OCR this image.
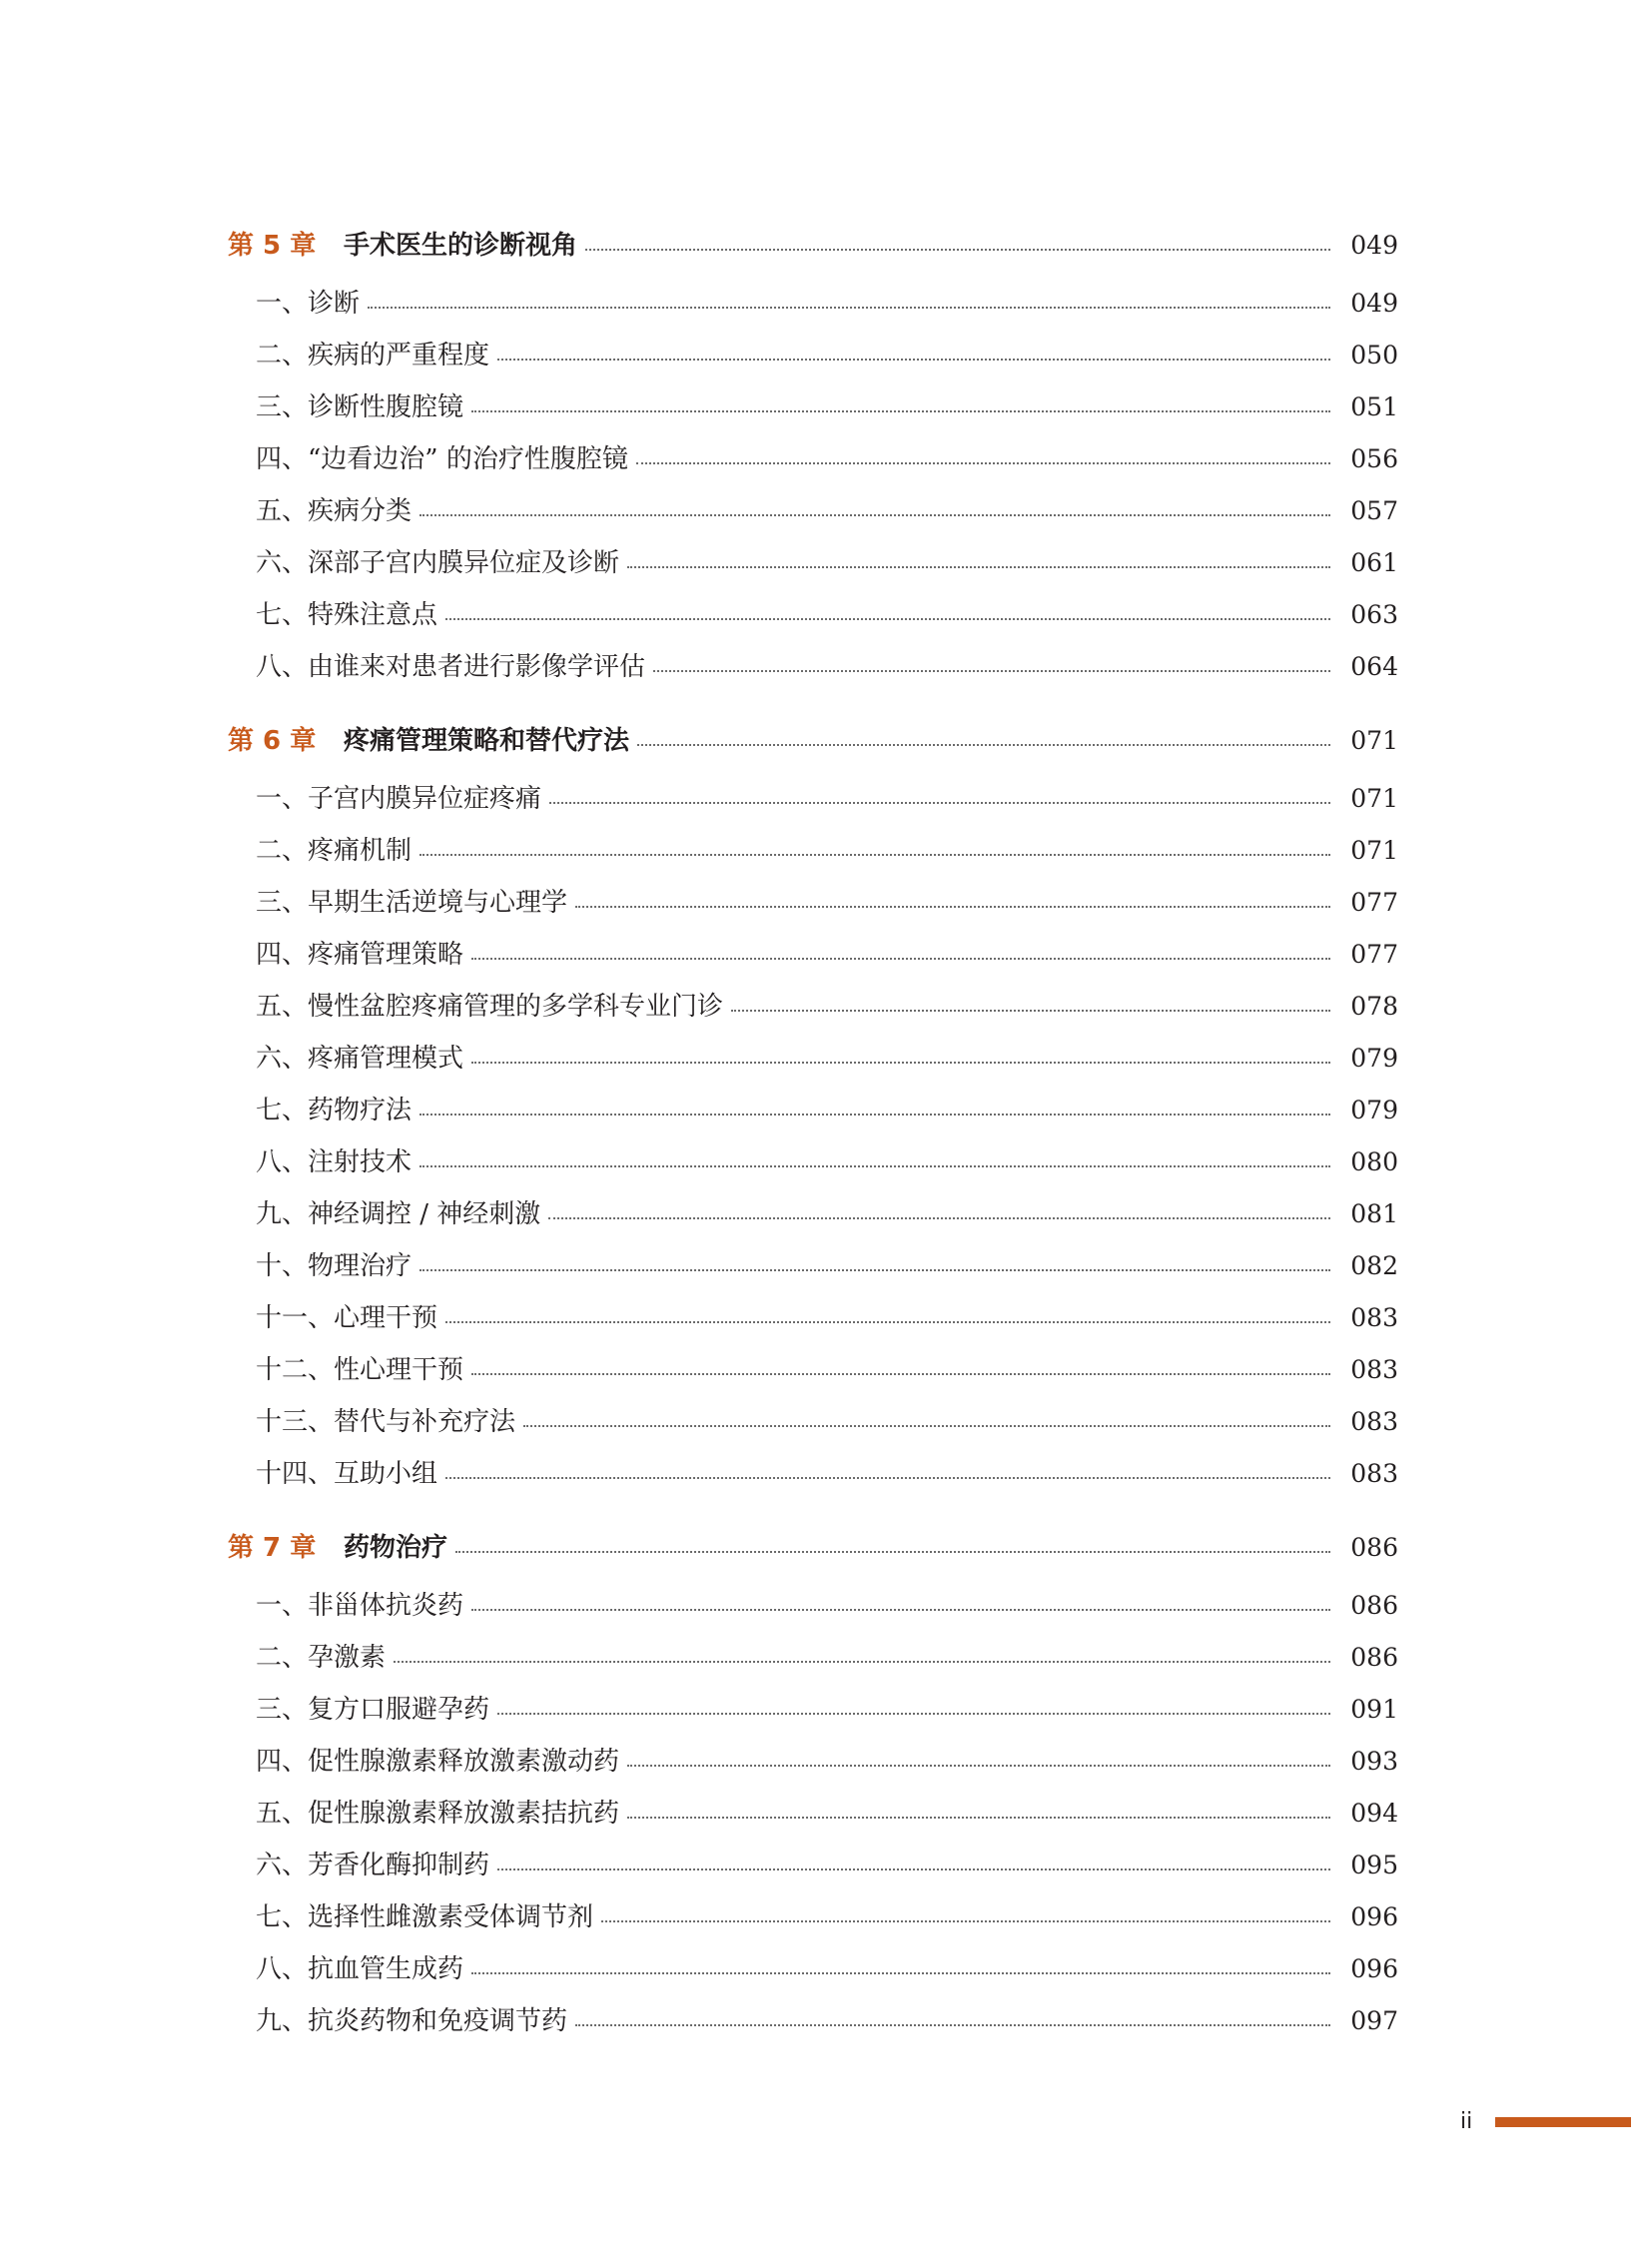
第 5 章	手术医生的诊断视角	049
一、诊断	049
二、疾病的严重程度	050
三、诊断性腹腔镜	051
四、“边看边治” 的治疗性腹腔镜	056
五、疾病分类	057
六、深部子宫内膜异位症及诊断	061
七、特殊注意点	063
八、由谁来对患者进行影像学评估	064
第 6 章	疼痛管理策略和替代疗法	071
一、子宫内膜异位症疼痛	071
二、疼痛机制	071
三、早期生活逆境与心理学	077
四、疼痛管理策略	077
五、慢性盆腔疼痛管理的多学科专业门诊	078
六、疼痛管理模式	079
七、药物疗法	079
八、注射技术	080
九、神经调控 / 神经刺激	081
十、物理治疗	082
十一、心理干预	083
十二、性心理干预	083
十三、替代与补充疗法	083
十四、互助小组	083
第 7 章	药物治疗	086
一、非甾体抗炎药	086
二、孕激素	086
三、复方口服避孕药	091
四、促性腺激素释放激素激动药	093
五、促性腺激素释放激素拮抗药	094
六、芳香化酶抑制药	095
七、选择性雌激素受体调节剂	096
八、抗血管生成药	096
九、抗炎药物和免疫调节药	097
ii
